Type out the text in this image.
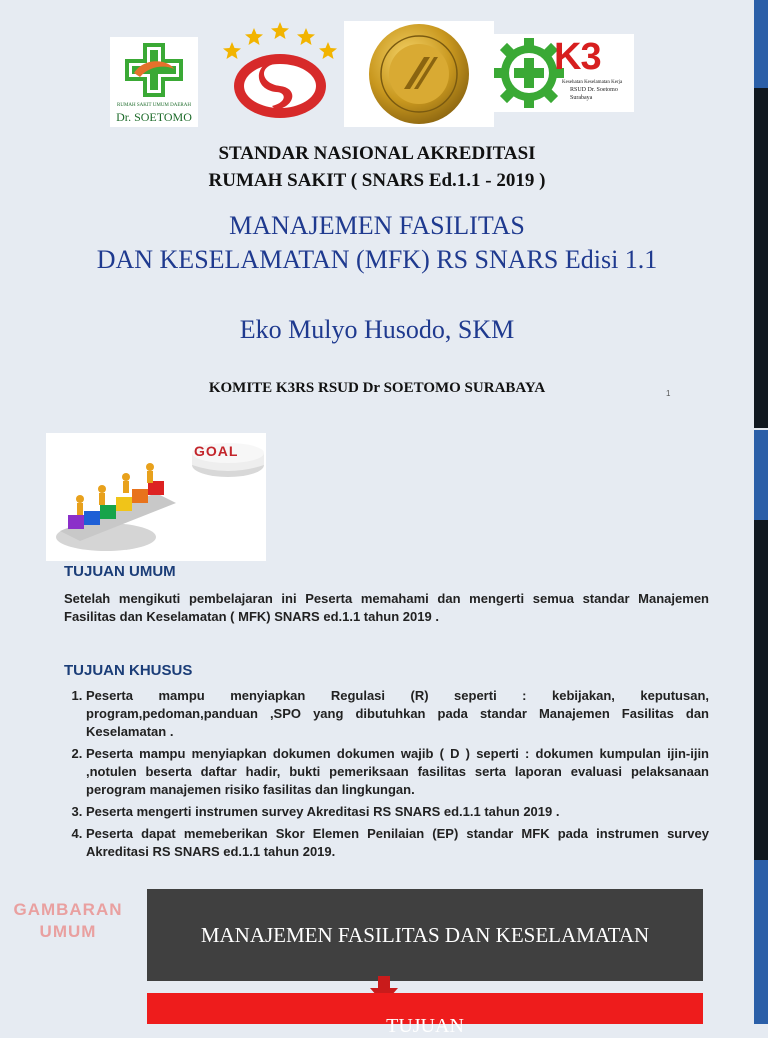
RUMAH SAKIT UMUM DAERAH
Dr. SOETOMO
K3
Kesehatan Keselamatan Kerja
RSUD Dr. Soetomo
Surabaya
STANDAR NASIONAL AKREDITASI
RUMAH SAKIT ( SNARS Ed.1.1 - 2019 )
MANAJEMEN FASILITAS
DAN KESELAMATAN (MFK) RS SNARS Edisi 1.1
Eko Mulyo Husodo, SKM
KOMITE K3RS RSUD Dr SOETOMO SURABAYA	1
GOAL
TUJUAN UMUM
Setelah mengikuti pembelajaran ini Peserta memahami dan mengerti semua standar Manajemen Fasilitas dan Keselamatan ( MFK) SNARS ed.1.1 tahun 2019 .
TUJUAN KHUSUS
1. Peserta mampu menyiapkan Regulasi (R) seperti : kebijakan, keputusan, program,pedoman,panduan ,SPO yang dibutuhkan pada standar Manajemen Fasilitas dan Keselamatan .
2. Peserta mampu menyiapkan dokumen dokumen wajib ( D ) seperti : dokumen kumpulan ijin-ijin ,notulen beserta daftar hadir, bukti pemeriksaan fasilitas serta laporan evaluasi pelaksanaan perogram manajemen risiko fasilitas dan lingkungan.
3. Peserta mengerti instrumen survey Akreditasi RS SNARS ed.1.1 tahun 2019 .
4. Peserta dapat memeberikan Skor Elemen Penilaian (EP) standar MFK pada instrumen survey Akreditasi RS SNARS ed.1.1 tahun 2019.
GAMBARAN
UMUM	MANAJEMEN FASILITAS DAN KESELAMATAN
TUJUAN
